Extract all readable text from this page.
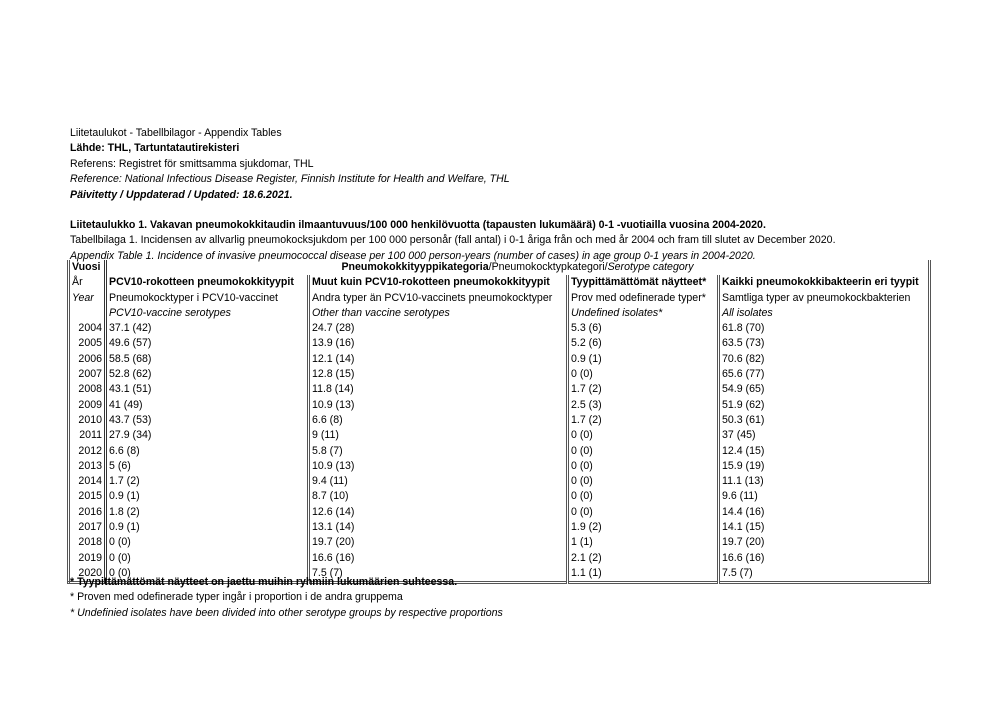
Liitetaulukot - Tabellbilagor - Appendix Tables
Lähde: THL, Tartuntatautirekisteri
Referens: Registret för smittsamma sjukdomar, THL
Reference: National Infectious Disease Register, Finnish Institute for Health and Welfare, THL
Päivitetty / Uppdaterad / Updated: 18.6.2021.
Liitetaulukko 1. Vakavan pneumokokkitaudin ilmaantuvuus/100 000 henkilövuotta (tapausten lukumäärä) 0-1 -vuotiailla vuosina 2004-2020.
Tabellbilaga 1. Incidensen av allvarlig pneumokocksjukdom per 100 000 personår (fall antal) i 0-1 åriga från och med år 2004 och fram till slutet av December 2020.
Appendix Table 1. Incidence of invasive pneumococcal disease per 100 000 person-years (number of cases) in age group 0-1 years in 2004-2020.
Vuosi	Pneumokokkityyppikategoria/Pneumokocktypkategori/Serotype category			
År	PCV10-rokotteen pneumokokkityypit	Muut kuin PCV10-rokotteen pneumokokkityypit	Tyypittämättömät näytteet*	Kaikki pneumokokkibakteerin eri tyypit
Year	Pneumokocktyper i PCV10-vaccinet	Andra typer än PCV10-vaccinets pneumokocktyper	Prov med odefinerade typer*	Samtliga typer av pneumokockbakterien
	PCV10-vaccine serotypes	Other than vaccine serotypes	Undefined isolates*	All isolates
2004	37.1 (42)	24.7 (28)	5.3 (6)	61.8 (70)
2005	49.6 (57)	13.9 (16)	5.2 (6)	63.5 (73)
2006	58.5 (68)	12.1 (14)	0.9 (1)	70.6 (82)
2007	52.8 (62)	12.8 (15)	0 (0)	65.6 (77)
2008	43.1 (51)	11.8 (14)	1.7 (2)	54.9 (65)
2009	41 (49)	10.9 (13)	2.5 (3)	51.9 (62)
2010	43.7 (53)	6.6 (8)	1.7 (2)	50.3 (61)
2011	27.9 (34)	9 (11)	0 (0)	37 (45)
2012	6.6 (8)	5.8 (7)	0 (0)	12.4 (15)
2013	5 (6)	10.9 (13)	0 (0)	15.9 (19)
2014	1.7 (2)	9.4 (11)	0 (0)	11.1 (13)
2015	0.9 (1)	8.7 (10)	0 (0)	9.6 (11)
2016	1.8 (2)	12.6 (14)	0 (0)	14.4 (16)
2017	0.9 (1)	13.1 (14)	1.9 (2)	14.1 (15)
2018	0 (0)	19.7 (20)	1 (1)	19.7 (20)
2019	0 (0)	16.6 (16)	2.1 (2)	16.6 (16)
2020	0 (0)	7.5 (7)	1.1 (1)	7.5 (7)
* Tyypittämättömät näytteet on jaettu muihin ryhmiin lukumäärien suhteessa.
* Proven med odefinerade typer ingår i proportion i de andra gruppema
* Undefinied isolates have been divided into other serotype groups by respective proportions
